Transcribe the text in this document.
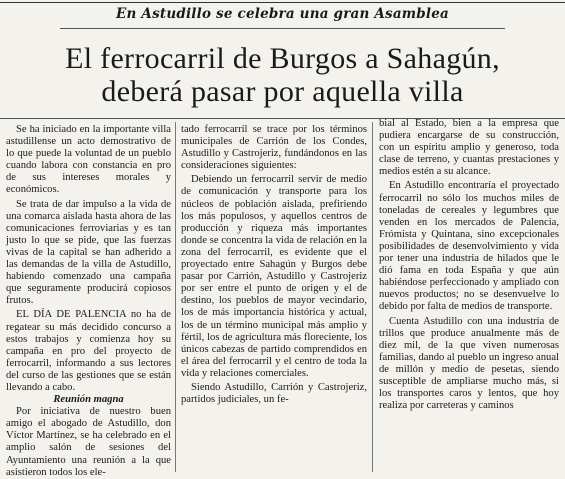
En Astudillo se celebra una gran Asamblea
El ferrocarril de Burgos a Sahagún,
deberá pasar por aquella villa

Se ha iniciado en la importante villa astudillense un acto demostrativo de lo que puede la voluntad de un pueblo cuando labora con constancia en pro de sus intereses morales y económicos.

Se trata de dar impulso a la vida de una comarca aislada hasta ahora de las comunicaciones ferroviarias y es tan justo lo que se pide, que las fuerzas vivas de la capital se han adherido a las demandas de la villa de Astudillo, habiendo comenzado una campaña que seguramente producirá copiosos frutos.

EL DÍA DE PALENCIA no ha de regatear su más decidido concurso a estos trabajos y comienza hoy su campaña en pro del proyecto de ferrocarril, informando a sus lectores del curso de las gestiones que se están llevando a cabo.

Reunión magna

Por iniciativa de nuestro buen amigo el abogado de Astudillo, don Víctor Martínez, se ha celebrado en el amplio salón de sesiones del Ayuntamiento una reunión a la que asistieron todos los ele-

tado ferrocarril se trace por los términos municipales de Carrión de los Condes, Astudillo y Castrojeriz, fundándonos en las consideraciones siguientes:

Debiendo un ferrocarril servir de medio de comunicación y transporte para los núcleos de población aislada, prefiriendo los más populosos, y aquellos centros de producción y riqueza más importantes donde se concentra la vida de relación en la zona del ferrocarril, es evidente que el proyectado entre Sahagún y Burgos debe pasar por Carrión, Astudillo y Castrojeriz por ser entre el punto de origen y el de destino, los pueblos de mayor vecindario, los de más importancia histórica y actual, los de un término municipal más amplio y fértil, los de agricultura más floreciente, los únicos cabezas de partido comprendidos en el área del ferrocarril y el centro de toda la vida y relaciones comerciales.

Siendo Astudillo, Carrión y Castrojeriz, partidos judiciales, un fe-

bial al Estado, bien a la empresa que pudiera encargarse de su construcción, con un espíritu amplio y generoso, toda clase de terreno, y cuantas prestaciones y medios estén a su alcance.

En Astudillo encontraría el proyectado ferrocarril no sólo los muchos miles de toneladas de cereales y legumbres que venden en los mercados de Palencia, Frómista y Quintana, sino excepcionales posibilidades de desenvolvimiento y vida por tener una industria de hilados que le dió fama en toda España y que aún habiéndose perfeccionado y ampliado con nuevos productos; no se desenvuelve lo debido por falta de medios de transporte.

Cuenta Astudillo con una industria de trillos que produce anualmente más de diez mil, de la que viven numerosas familias, dando al pueblo un ingreso anual de millón y medio de pesetas, siendo susceptible de ampliarse mucho más, si los transportes caros y lentos, que hoy realiza por carreteras y caminos
